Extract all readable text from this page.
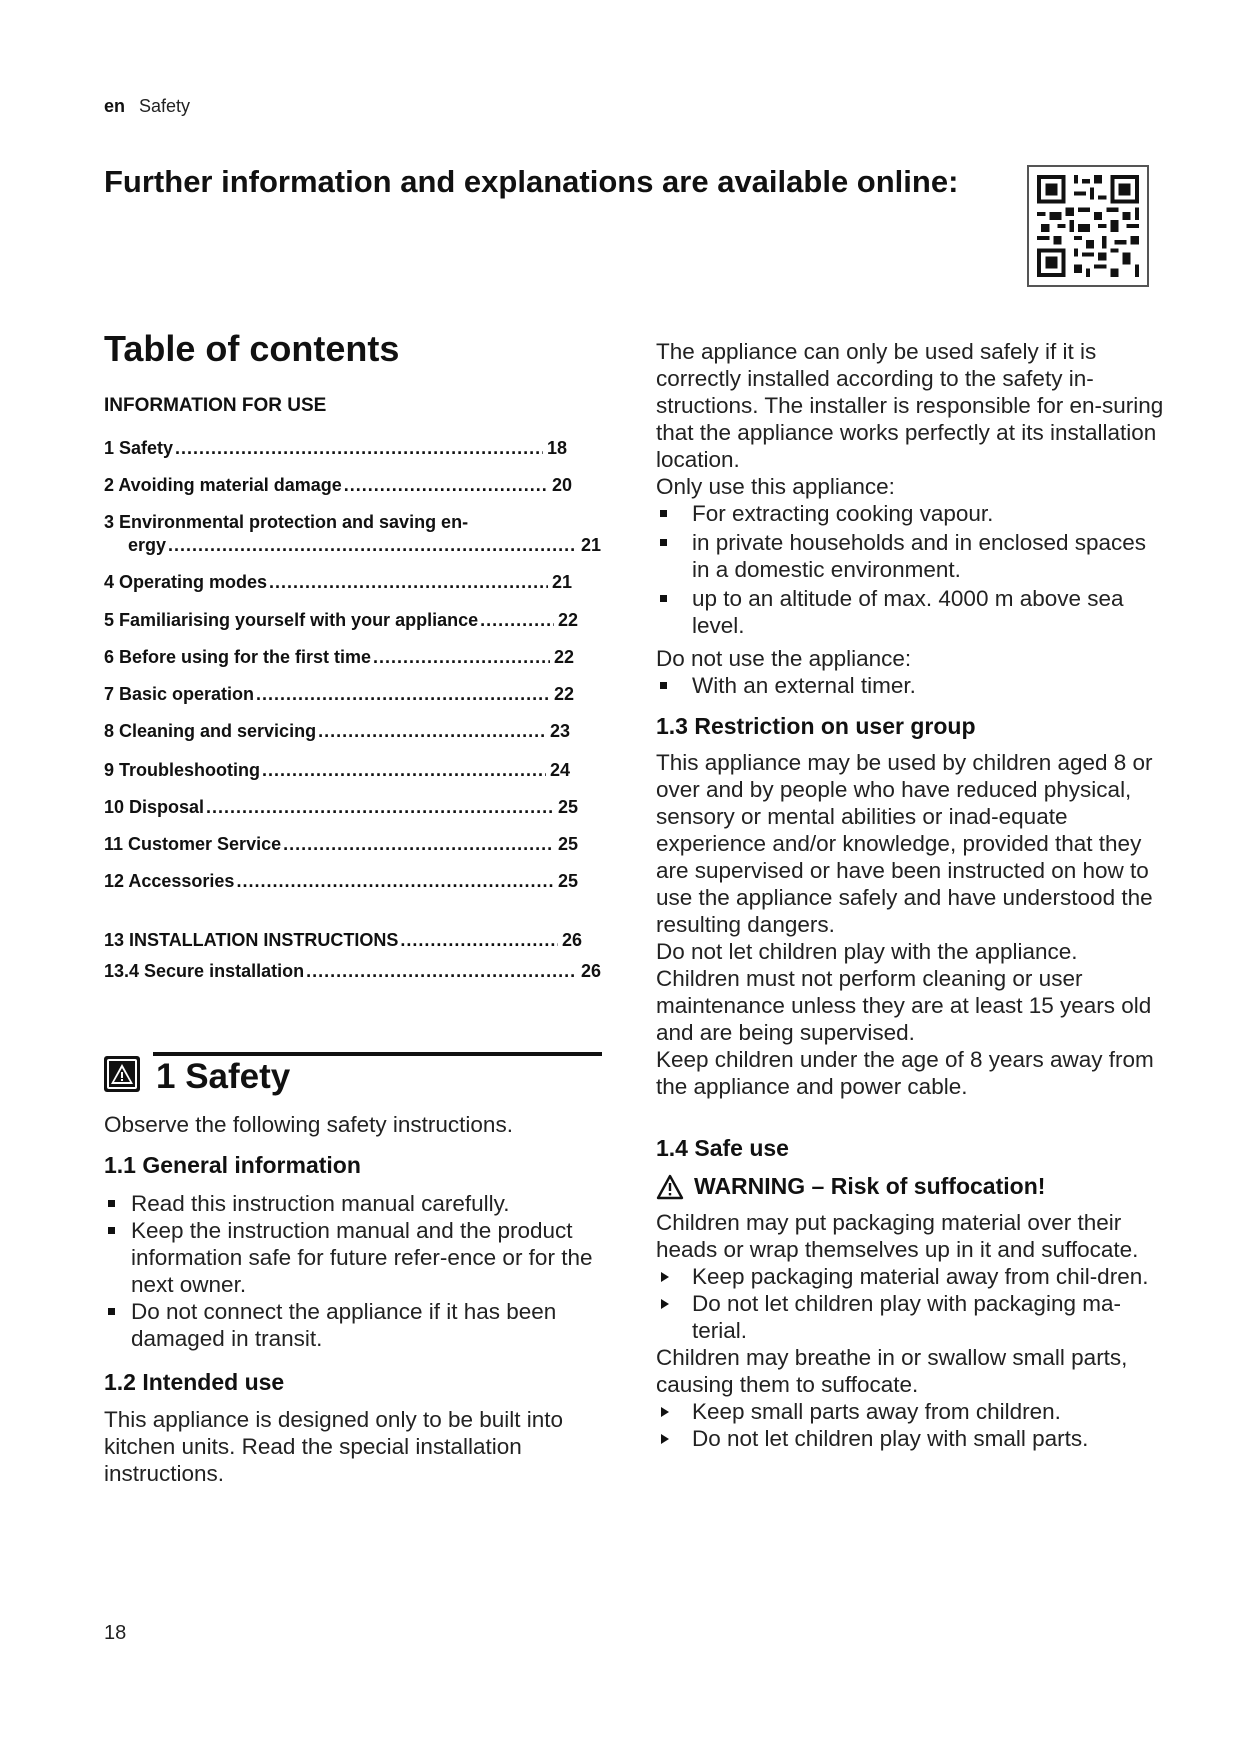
en Safety
Further information and explanations are available online:
Table of contents
INFORMATION FOR USE
1 Safety .....	18
2 Avoiding material damage .....	20
3 Environmental protection and saving en-
ergy .....	21
4 Operating modes .....	21
5 Familiarising yourself with your appliance .....	22
6 Before using for the first time .....	22
7 Basic operation .....	22
8 Cleaning and servicing .....	23
9 Troubleshooting .....	24
10 Disposal .....	25
11 Customer Service .....	25
12 Accessories .....	25
13 INSTALLATION INSTRUCTIONS .....	26
13.4 Secure installation .....	26
1 Safety
Observe the following safety instructions.
1.1 General information
Read this instruction manual carefully.
Keep the instruction manual and the product information safe for future refer-ence or for the next owner.
Do not connect the appliance if it has been damaged in transit.
1.2 Intended use

This appliance is designed only to be built into kitchen units. Read the special installation instructions.

The appliance can only be used safely if it is correctly installed according to the safety in-structions. The installer is responsible for en-suring that the appliance works perfectly at its installation location.

Only use this appliance:

For extracting cooking vapour.
in private households and in enclosed spaces in a domestic environment.
up to an altitude of max. 4000 m above sea level.

Do not use the appliance:

With an external timer.
1.3 Restriction on user group

This appliance may be used by children aged 8 or over and by people who have reduced physical, sensory or mental abilities or inad-equate experience and/or knowledge, provided that they are supervised or have been instructed on how to use the appliance safely and have understood the resulting dangers.

Do not let children play with the appliance.

Children must not perform cleaning or user maintenance unless they are at least 15 years old and are being supervised.

Keep children under the age of 8 years away from the appliance and power cable.

1.4 Safe use
WARNING – Risk of suffocation!

Children may put packaging material over their heads or wrap themselves up in it and suffocate.

Keep packaging material away from chil-dren.
Do not let children play with packaging ma-terial.

Children may breathe in or swallow small parts, causing them to suffocate.

Keep small parts away from children.
Do not let children play with small parts.
18
